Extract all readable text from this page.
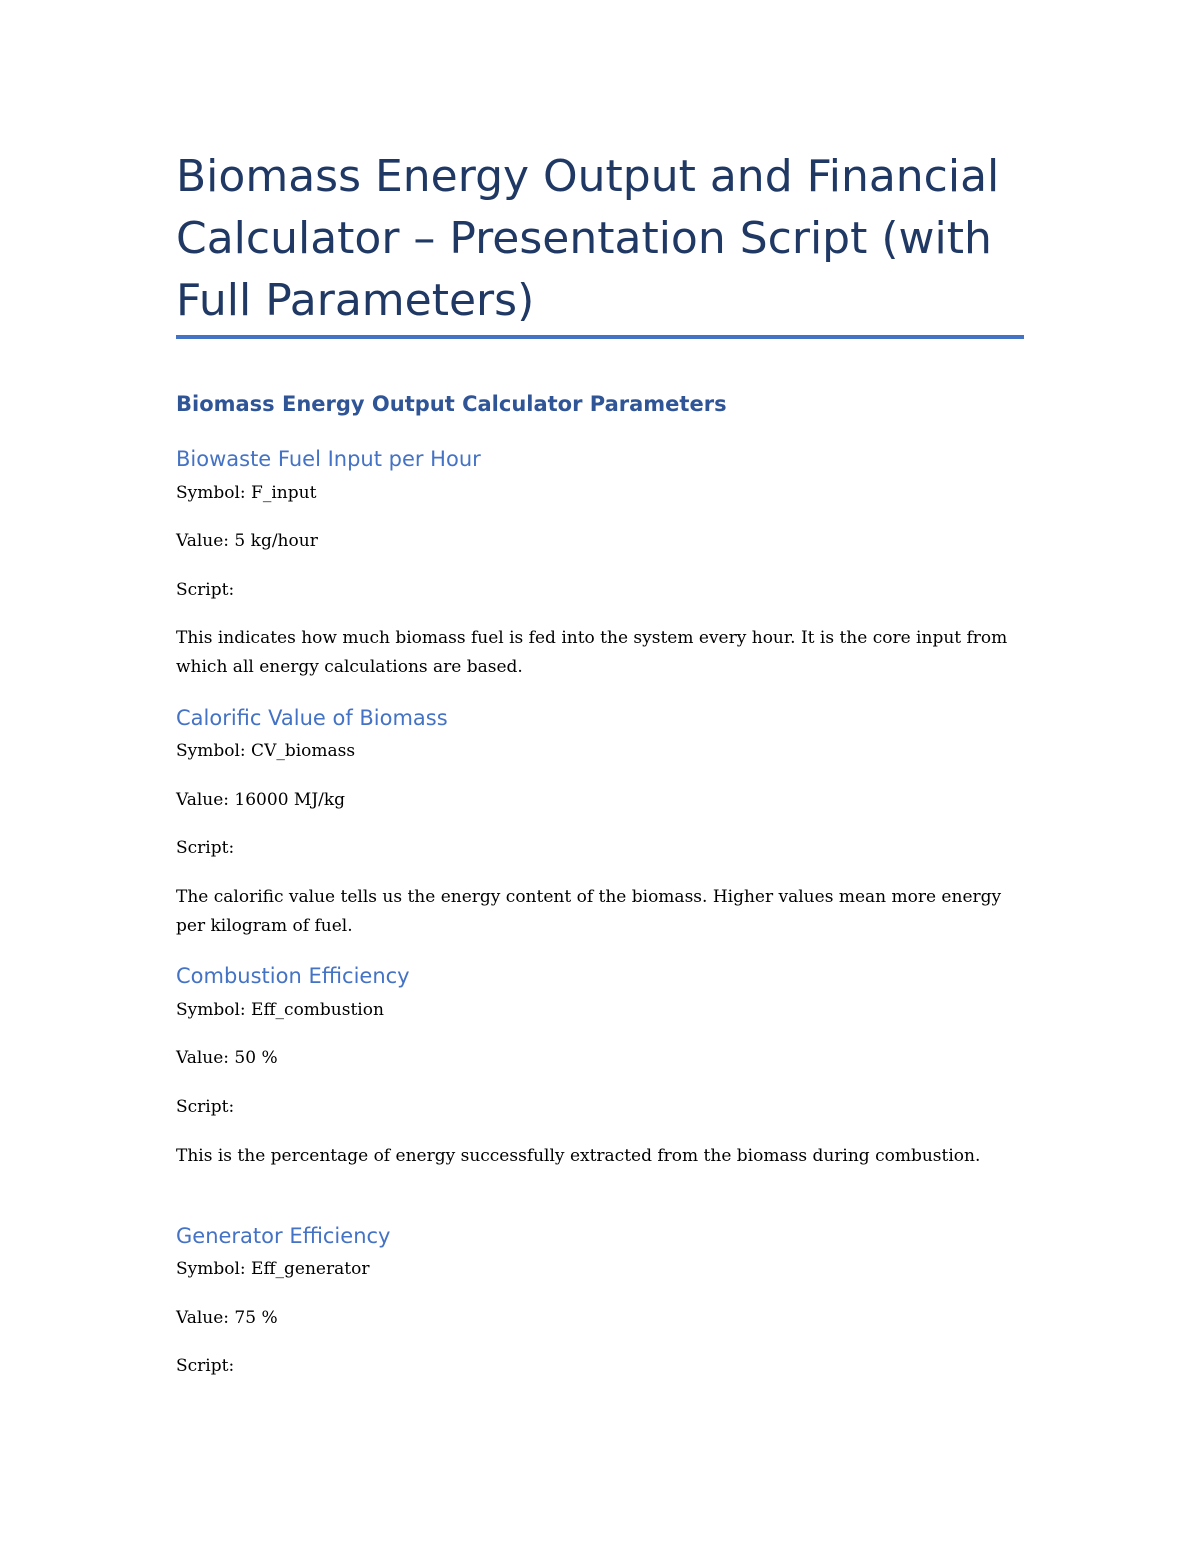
Biomass Energy Output and Financial Calculator – Presentation Script (with Full Parameters)
Biomass Energy Output Calculator Parameters
Biowaste Fuel Input per Hour

Symbol: F_input

Value: 5 kg/hour

Script:

This indicates how much biomass fuel is fed into the system every hour. It is the core input from which all energy calculations are based.

Calorific Value of Biomass

Symbol: CV_biomass

Value: 16000 MJ/kg

Script:

The calorific value tells us the energy content of the biomass. Higher values mean more energy per kilogram of fuel.

Combustion Efficiency

Symbol: Eff_combustion

Value: 50 %

Script:

This is the percentage of energy successfully extracted from the biomass during combustion.

Generator Efficiency

Symbol: Eff_generator

Value: 75 %

Script:
